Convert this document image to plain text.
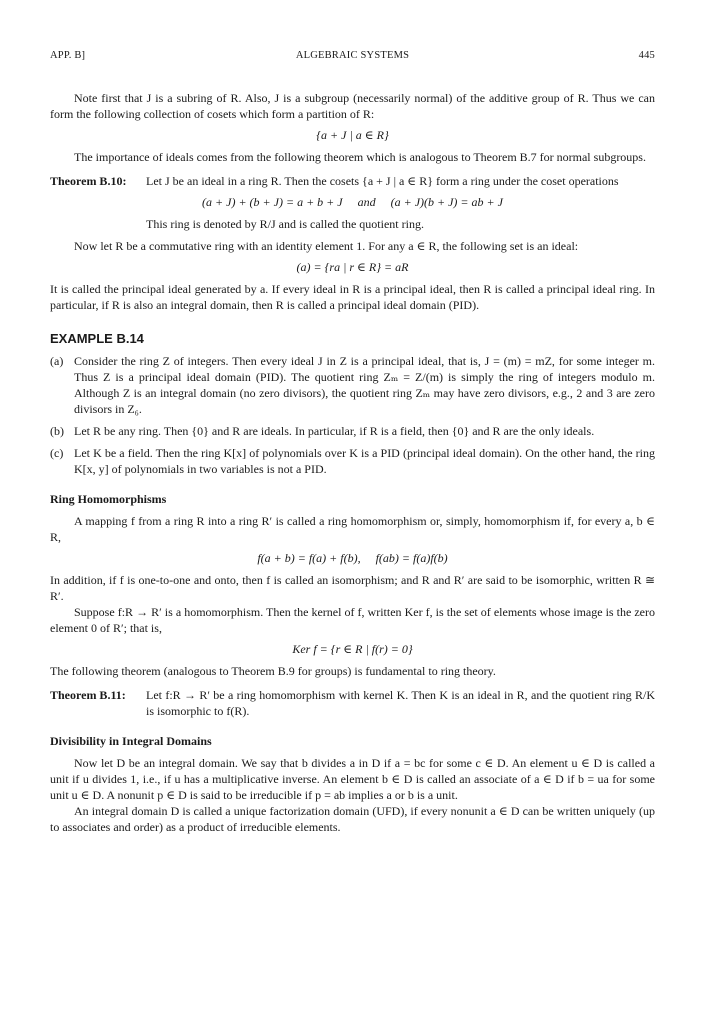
APP. B]	ALGEBRAIC SYSTEMS	445

Note first that J is a subring of R. Also, J is a subgroup (necessarily normal) of the additive group of R. Thus we can form the following collection of cosets which form a partition of R:

{a + J | a ∈ R}

The importance of ideals comes from the following theorem which is analogous to Theorem B.7 for normal subgroups.

Theorem B.10: Let J be an ideal in a ring R. Then the cosets {a + J | a ∈ R} form a ring under the coset operations
(a + J) + (b + J) = a + b + J     and     (a + J)(b + J) = ab + J

This ring is denoted by R/J and is called the quotient ring.

Now let R be a commutative ring with an identity element 1. For any a ∈ R, the following set is an ideal:

(a) = {ra | r ∈ R} = aR

It is called the principal ideal generated by a. If every ideal in R is a principal ideal, then R is called a principal ideal ring. In particular, if R is also an integral domain, then R is called a principal ideal domain (PID).

EXAMPLE B.14
(a) Consider the ring Z of integers. Then every ideal J in Z is a principal ideal, that is, J = (m) = mZ, for some integer m. Thus Z is a principal ideal domain (PID). The quotient ring Zₘ = Z/(m) is simply the ring of integers modulo m. Although Z is an integral domain (no zero divisors), the quotient ring Zₘ may have zero divisors, e.g., 2 and 3 are zero divisors in Z₆.
(b) Let R be any ring. Then {0} and R are ideals. In particular, if R is a field, then {0} and R are the only ideals.
(c) Let K be a field. Then the ring K[x] of polynomials over K is a PID (principal ideal domain). On the other hand, the ring K[x, y] of polynomials in two variables is not a PID.
Ring Homomorphisms

A mapping f from a ring R into a ring R′ is called a ring homomorphism or, simply, homomorphism if, for every a, b ∈ R,

f(a + b) = f(a) + f(b),     f(ab) = f(a)f(b)

In addition, if f is one-to-one and onto, then f is called an isomorphism; and R and R′ are said to be isomorphic, written R ≅ R′.

Suppose f:R → R′ is a homomorphism. Then the kernel of f, written Ker f, is the set of elements whose image is the zero element 0 of R′; that is,

Ker f = {r ∈ R | f(r) = 0}

The following theorem (analogous to Theorem B.9 for groups) is fundamental to ring theory.

Theorem B.11: Let f:R → R′ be a ring homomorphism with kernel K. Then K is an ideal in R, and the quotient ring R/K is isomorphic to f(R).
Divisibility in Integral Domains

Now let D be an integral domain. We say that b divides a in D if a = bc for some c ∈ D. An element u ∈ D is called a unit if u divides 1, i.e., if u has a multiplicative inverse. An element b ∈ D is called an associate of a ∈ D if b = ua for some unit u ∈ D. A nonunit p ∈ D is said to be irreducible if p = ab implies a or b is a unit.

An integral domain D is called a unique factorization domain (UFD), if every nonunit a ∈ D can be written uniquely (up to associates and order) as a product of irreducible elements.
